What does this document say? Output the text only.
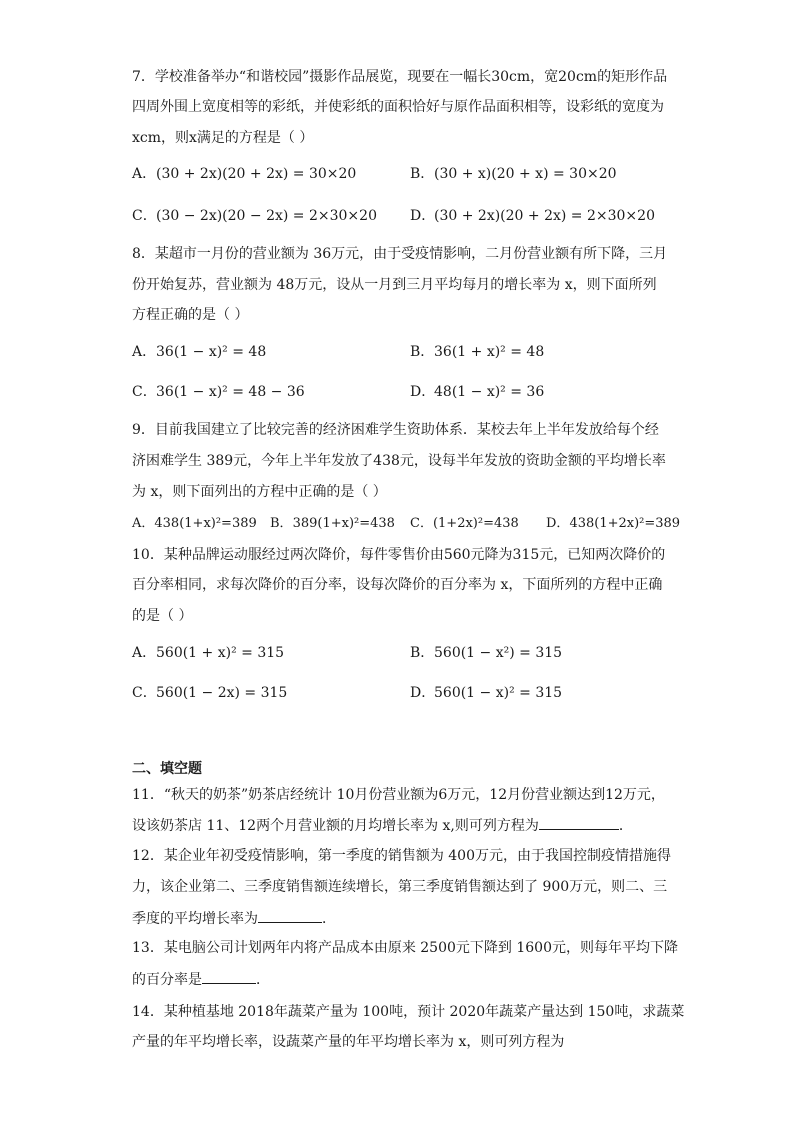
7．学校准备举办“和谐校园”摄影作品展览，现要在一幅长30cm，宽20cm的矩形作品
四周外围上宽度相等的彩纸，并使彩纸的面积恰好与原作品面积相等，设彩纸的宽度为
xcm，则x满足的方程是（ ）
A．(30 + 2x)(20 + 2x) = 30×20	B．(30 + x)(20 + x) = 30×20
C．(30 − 2x)(20 − 2x) = 2×30×20 D．(30 + 2x)(20 + 2x) = 2×30×20
8．某超市一月份的营业额为 36万元，由于受疫情影响，二月份营业额有所下降，三月
份开始复苏，营业额为 48万元，设从一月到三月平均每月的增长率为 x，则下面所列
方程正确的是（ ）
A．36(1 − x)² = 48	B．36(1 + x)² = 48
C．36(1 − x)² = 48 − 36	D．48(1 − x)² = 36
9．目前我国建立了比较完善的经济困难学生资助体系．某校去年上半年发放给每个经
济困难学生 389元，今年上半年发放了438元，设每半年发放的资助金额的平均增长率
为 x，则下面列出的方程中正确的是（ ）
A．438(1+x)²=389 B．389(1+x)²=438 C．(1+2x)²=438 D．438(1+2x)²=389
10．某种品牌运动服经过两次降价，每件零售价由560元降为315元，已知两次降价的
百分率相同，求每次降价的百分率，设每次降价的百分率为 x，下面所列的方程中正确
的是（ ）
A．560(1 + x)² = 315	B．560(1 − x²) = 315
C．560(1 − 2x) = 315	D．560(1 − x)² = 315
二、填空题
11．“秋天的奶茶”奶茶店经统计 10月份营业额为6万元，12月份营业额达到12万元，
设该奶茶店 11、12两个月营业额的月均增长率为 x,则可列方程为	．
12．某企业年初受疫情影响，第一季度的销售额为 400万元，由于我国控制疫情措施得
力，该企业第二、三季度销售额连续增长，第三季度销售额达到了 900万元，则二、三
季度的平均增长率为	．
13．某电脑公司计划两年内将产品成本由原来 2500元下降到 1600元，则每年平均下降
的百分率是	．
14．某种植基地 2018年蔬菜产量为 100吨，预计 2020年蔬菜产量达到 150吨，求蔬菜
产量的年平均增长率，设蔬菜产量的年平均增长率为 x，则可列方程为
